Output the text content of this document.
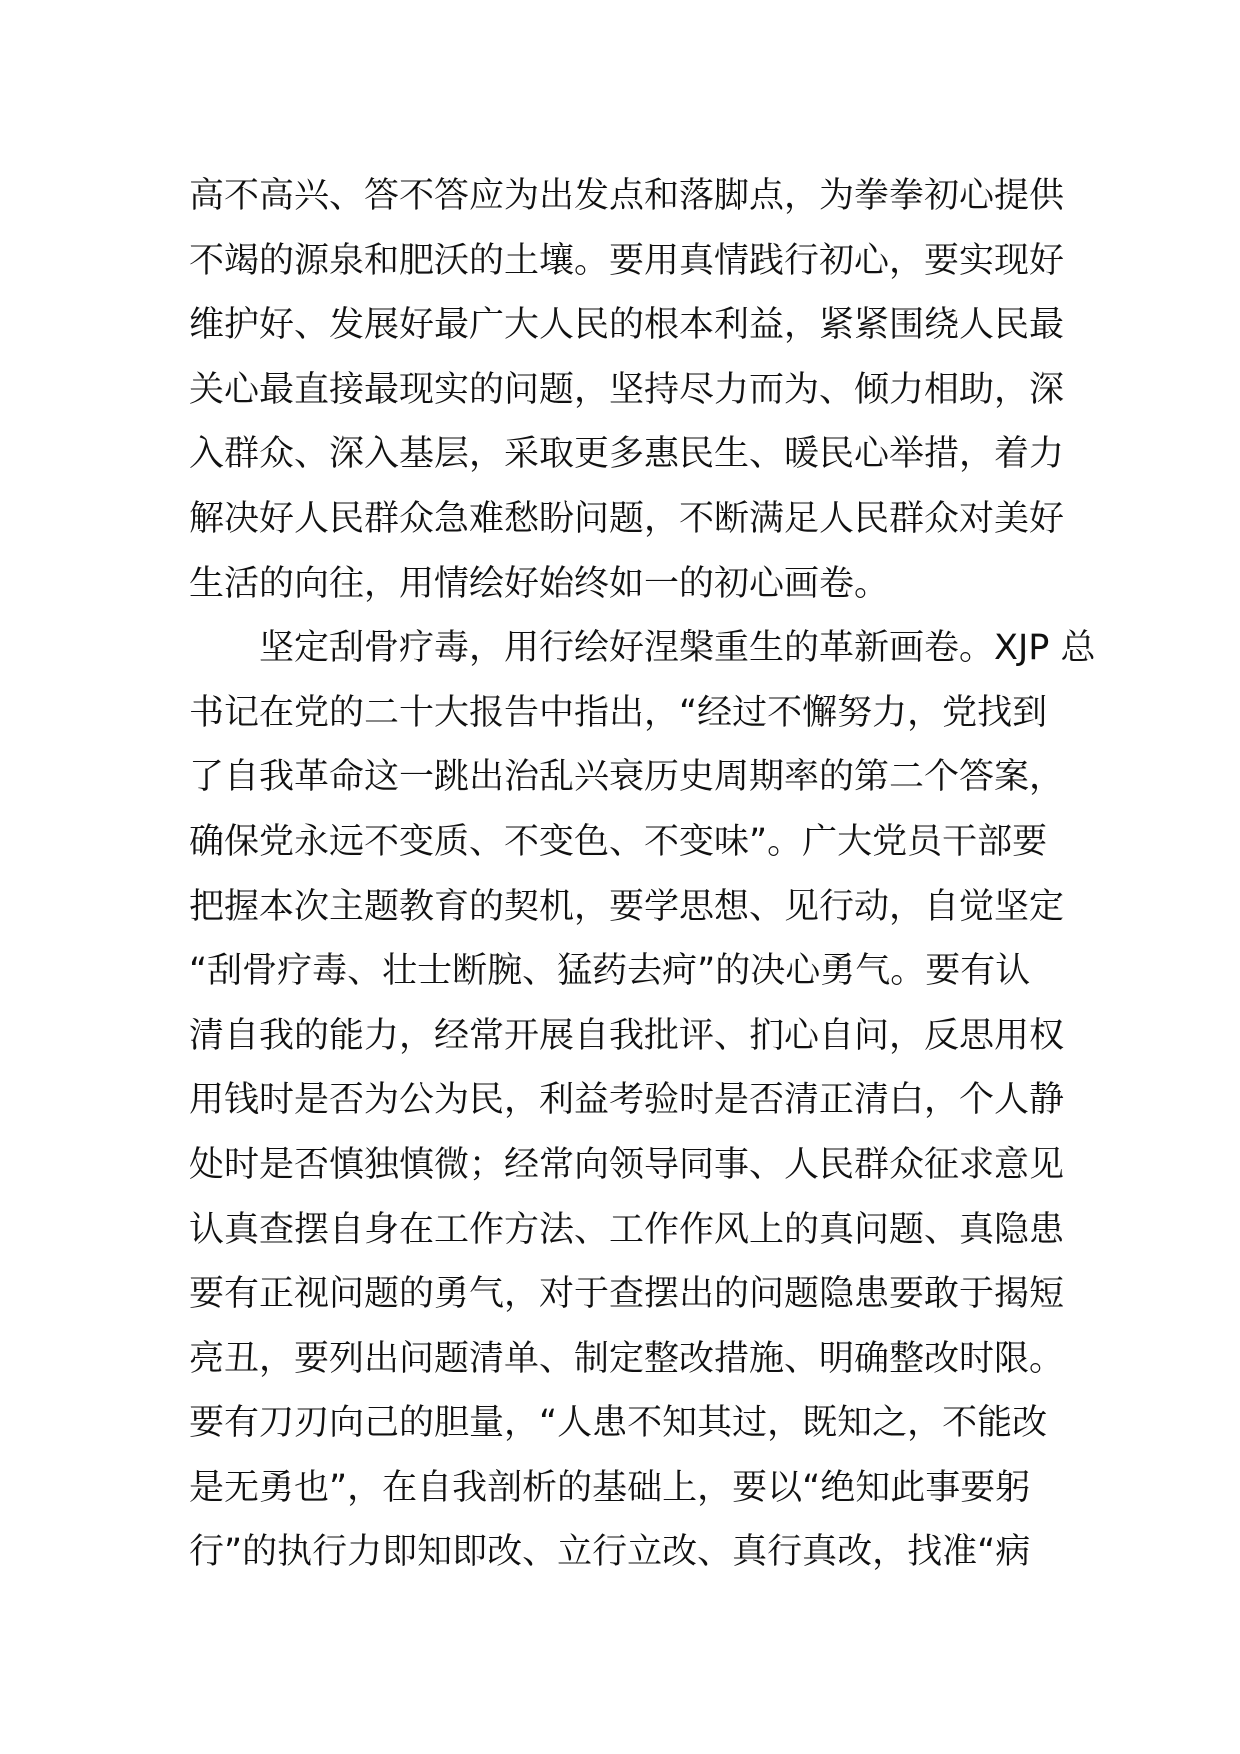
高不高兴、答不答应为出发点和落脚点，为拳拳初心提供
不竭的源泉和肥沃的土壤。要用真情践行初心，要实现好
维护好、发展好最广大人民的根本利益，紧紧围绕人民最
关心最直接最现实的问题，坚持尽力而为、倾力相助，深
入群众、深入基层，采取更多惠民生、暖民心举措，着力
解决好人民群众急难愁盼问题，不断满足人民群众对美好
生活的向往，用情绘好始终如一的初心画卷。
坚定刮骨疗毒，用行绘好涅槃重生的革新画卷。XJP 总
书记在党的二十大报告中指出，“经过不懈努力，党找到
了自我革命这一跳出治乱兴衰历史周期率的第二个答案，
确保党永远不变质、不变色、不变味”。广大党员干部要
把握本次主题教育的契机，要学思想、见行动，自觉坚定
“刮骨疗毒、壮士断腕、猛药去疴”的决心勇气。要有认
清自我的能力，经常开展自我批评、扪心自问，反思用权
用钱时是否为公为民，利益考验时是否清正清白，个人静
处时是否慎独慎微；经常向领导同事、人民群众征求意见
认真查摆自身在工作方法、工作作风上的真问题、真隐患
要有正视问题的勇气，对于查摆出的问题隐患要敢于揭短
亮丑，要列出问题清单、制定整改措施、明确整改时限。
要有刀刃向己的胆量，“人患不知其过，既知之，不能改
是无勇也”，在自我剖析的基础上，要以“绝知此事要躬
行”的执行力即知即改、立行立改、真行真改，找准“病
